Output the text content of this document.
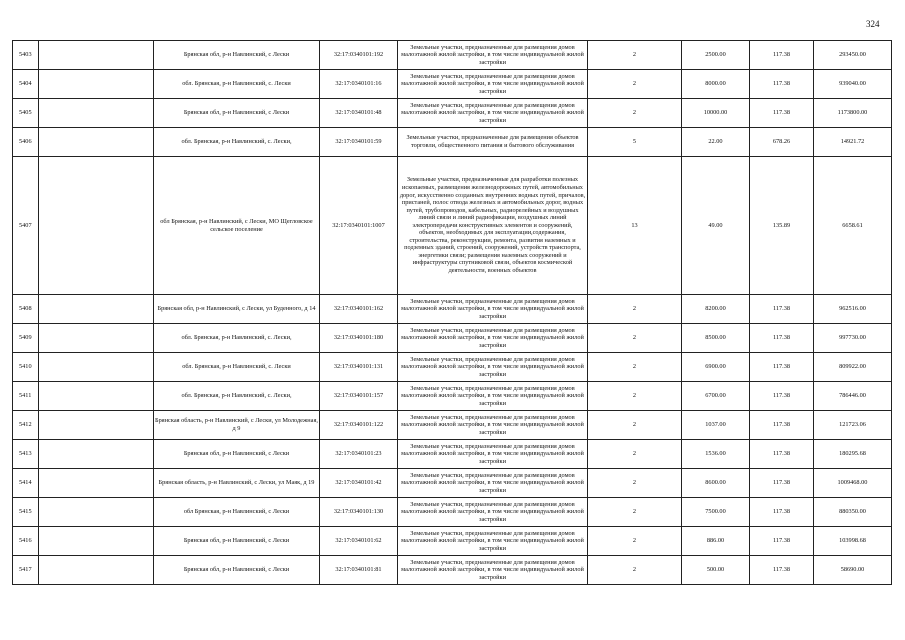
324
5403		Брянская обл, р-н Навлинский, с Лески	32:17:0340101:192	Земельные участки, предназначенные для размещения домов малоэтажной жилой застройки, в том числе индивидуальной жилой застройки	2	2500.00	117.38	293450.00
5404		обл. Брянская, р-н Навлинский, с. Лески	32:17:0340101:16	Земельные участки, предназначенные для размещения домов малоэтажной жилой застройки, в том числе индивидуальной жилой застройки	2	8000.00	117.38	939040.00
5405		Брянская обл, р-н Навлинский, с Лески	32:17:0340101:48	Земельные участки, предназначенные для размещения домов малоэтажной жилой застройки, в том числе индивидуальной жилой застройки	2	10000.00	117.38	1173800.00
5406		обл. Брянская, р-н Навлинский, с. Лески,	32:17:0340101:59	Земельные участки, предназначенные для размещения объектов торговли, общественного питания и бытового обслуживания	5	22.00	678.26	14921.72
5407		обл Брянская, р-н Навлинский, с Лески, МО Щегловское сельское поселение	32:17:0340101:1007	Земельные участки, предназначенные для разработки полезных ископаемых, размещения железнодорожных путей, автомобильных дорог, искусственно созданных внутренних водных путей, причалов, пристаней, полос отвода железных и автомобильных дорог, водных путей, трубопроводов, кабельных, радиорелейных и воздушных линий связи и линий радиофикации, воздушных линий электропередачи конструктивных элементов и сооружений, объектов, необходимых для эксплуатации,содержания, строительства, реконструкции, ремонта, развития наземных и подземных зданий, строений, сооружений, устройств транспорта, энергетики связи; размещения наземных сооружений и инфраструктуры спутниковой связи, объектов космической деятельности, военных объектов	13	49.00	135.89	6658.61
5408		Брянская обл, р-н Навлинский, с Лески, ул Буденного, д 14	32:17:0340101:162	Земельные участки, предназначенные для размещения домов малоэтажной жилой застройки, в том числе индивидуальной жилой застройки	2	8200.00	117.38	962516.00
5409		обл. Брянская, р-н Навлинский, с. Лески,	32:17:0340101:180	Земельные участки, предназначенные для размещения домов малоэтажной жилой застройки, в том числе индивидуальной жилой застройки	2	8500.00	117.38	997730.00
5410		обл. Брянская, р-н Навлинский, с. Лески	32:17:0340101:131	Земельные участки, предназначенные для размещения домов малоэтажной жилой застройки, в том числе индивидуальной жилой застройки	2	6900.00	117.38	809922.00
5411		обл. Брянская, р-н Навлинский, с. Лески,	32:17:0340101:157	Земельные участки, предназначенные для размещения домов малоэтажной жилой застройки, в том числе индивидуальной жилой застройки	2	6700.00	117.38	786446.00
5412		Брянская область, р-н Навлинский, с Лески, ул Молодежная, д 9	32:17:0340101:122	Земельные участки, предназначенные для размещения домов малоэтажной жилой застройки, в том числе индивидуальной жилой застройки	2	1037.00	117.38	121723.06
5413		Брянская обл, р-н Навлинский, с Лески	32:17:0340101:23	Земельные участки, предназначенные для размещения домов малоэтажной жилой застройки, в том числе индивидуальной жилой застройки	2	1536.00	117.38	180295.68
5414		Брянская область, р-н Навлинский, с Лески, ул Маяк, д 19	32:17:0340101:42	Земельные участки, предназначенные для размещения домов малоэтажной жилой застройки, в том числе индивидуальной жилой застройки	2	8600.00	117.38	1009468.00
5415		обл Брянская, р-н Навлинский, с Лески	32:17:0340101:130	Земельные участки, предназначенные для размещения домов малоэтажной жилой застройки, в том числе индивидуальной жилой застройки	2	7500.00	117.38	880350.00
5416		Брянская обл, р-н Навлинский, с Лески	32:17:0340101:62	Земельные участки, предназначенные для размещения домов малоэтажной жилой застройки, в том числе индивидуальной жилой застройки	2	886.00	117.38	103998.68
5417		Брянская обл, р-н Навлинский, с Лески	32:17:0340101:81	Земельные участки, предназначенные для размещения домов малоэтажной жилой застройки, в том числе индивидуальной жилой застройки	2	500.00	117.38	58690.00
